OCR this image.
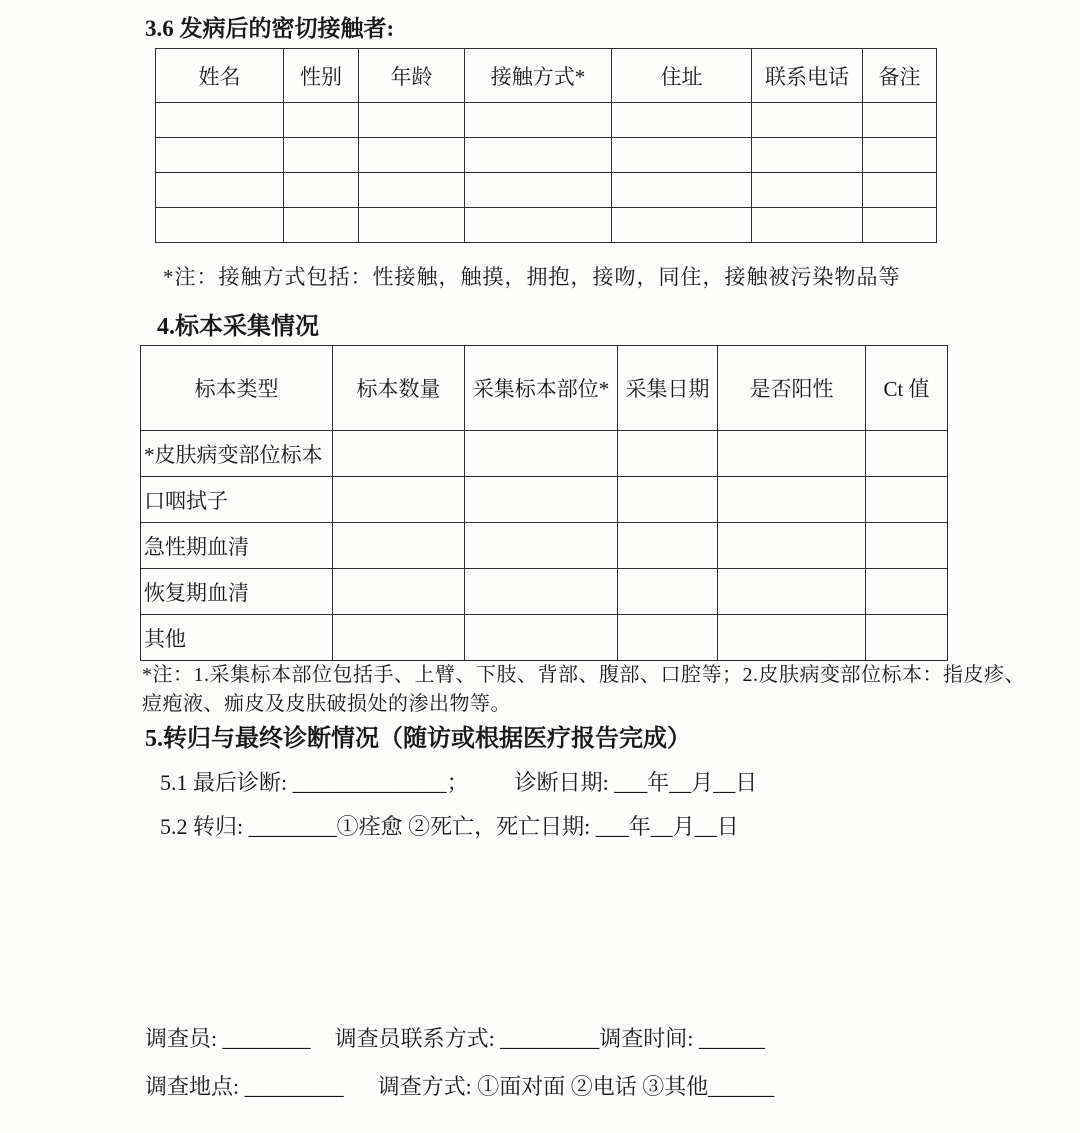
3.6 发病后的密切接触者:
姓名	性别	年龄	接触方式*	住址	联系电话	备注

*注：接触方式包括：性接触，触摸，拥抱，接吻，同住，接触被污染物品等
4.标本采集情况
标本类型	标本数量	采集标本部位*	采集日期	是否阳性	Ct 值
*皮肤病变部位标本					
口咽拭子					
急性期血清					
恢复期血清					
其他					
*注：1.采集标本部位包括手、上臂、下肢、背部、腹部、口腔等；2.皮肤病变部位标本：指皮疹、
痘疱液、痂皮及皮肤破损处的渗出物等。
5.转归与最终诊断情况（随访或根据医疗报告完成）
5.1 最后诊断: ______________； 诊断日期: ___年__月__日
5.2 转归: ________①痊愈 ②死亡，死亡日期: ___年__月__日
调查员: ________ 调查员联系方式: _________调查时间: ______
调查地点: _________ 调查方式: ①面对面 ②电话 ③其他______
